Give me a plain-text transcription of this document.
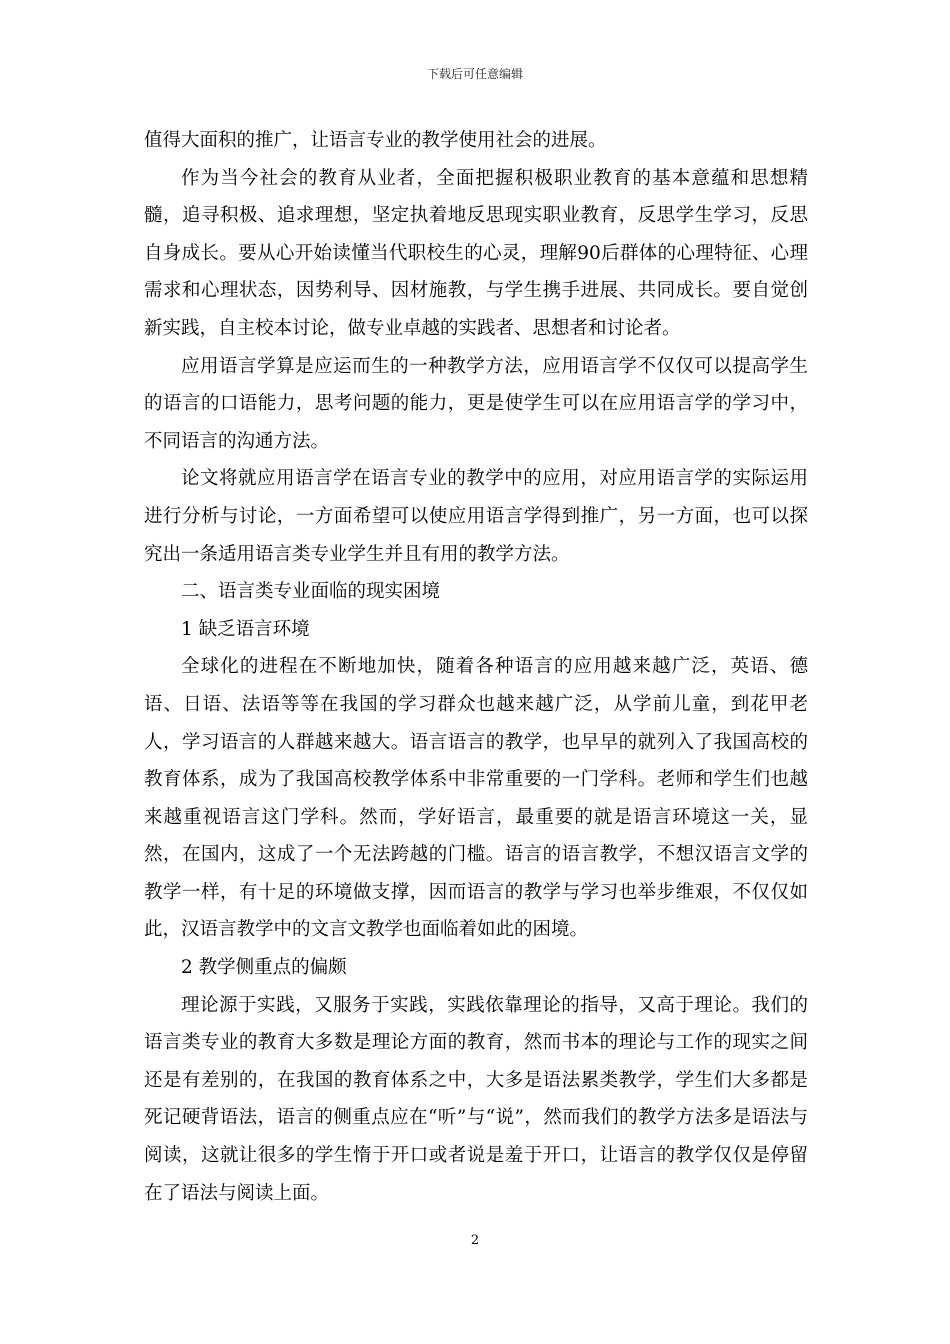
下载后可任意编辑

值得大面积的推广，让语言专业的教学使用社会的进展。

作为当今社会的教育从业者，全面把握积极职业教育的基本意蕴和思想精髓，追寻积极、追求理想，坚定执着地反思现实职业教育，反思学生学习，反思自身成长。要从心开始读懂当代职校生的心灵，理解90后群体的心理特征、心理需求和心理状态，因势利导、因材施教，与学生携手进展、共同成长。要自觉创新实践，自主校本讨论，做专业卓越的实践者、思想者和讨论者。

应用语言学算是应运而生的一种教学方法，应用语言学不仅仅可以提高学生的语言的口语能力，思考问题的能力，更是使学生可以在应用语言学的学习中，不同语言的沟通方法。

论文将就应用语言学在语言专业的教学中的应用，对应用语言学的实际运用进行分析与讨论，一方面希望可以使应用语言学得到推广，另一方面，也可以探究出一条适用语言类专业学生并且有用的教学方法。

二、语言类专业面临的现实困境

1 缺乏语言环境

全球化的进程在不断地加快，随着各种语言的应用越来越广泛，英语、德语、日语、法语等等在我国的学习群众也越来越广泛，从学前儿童，到花甲老人，学习语言的人群越来越大。语言语言的教学，也早早的就列入了我国高校的教育体系，成为了我国高校教学体系中非常重要的一门学科。老师和学生们也越来越重视语言这门学科。然而，学好语言，最重要的就是语言环境这一关，显然，在国内，这成了一个无法跨越的门槛。语言的语言教学，不想汉语言文学的教学一样，有十足的环境做支撑，因而语言的教学与学习也举步维艰，不仅仅如此，汉语言教学中的文言文教学也面临着如此的困境。

2 教学侧重点的偏颇

理论源于实践，又服务于实践，实践依靠理论的指导，又高于理论。我们的语言类专业的教育大多数是理论方面的教育，然而书本的理论与工作的现实之间还是有差别的，在我国的教育体系之中，大多是语法累类教学，学生们大多都是死记硬背语法，语言的侧重点应在“听”与“说”，然而我们的教学方法多是语法与阅读，这就让很多的学生惰于开口或者说是羞于开口，让语言的教学仅仅是停留在了语法与阅读上面。

2
